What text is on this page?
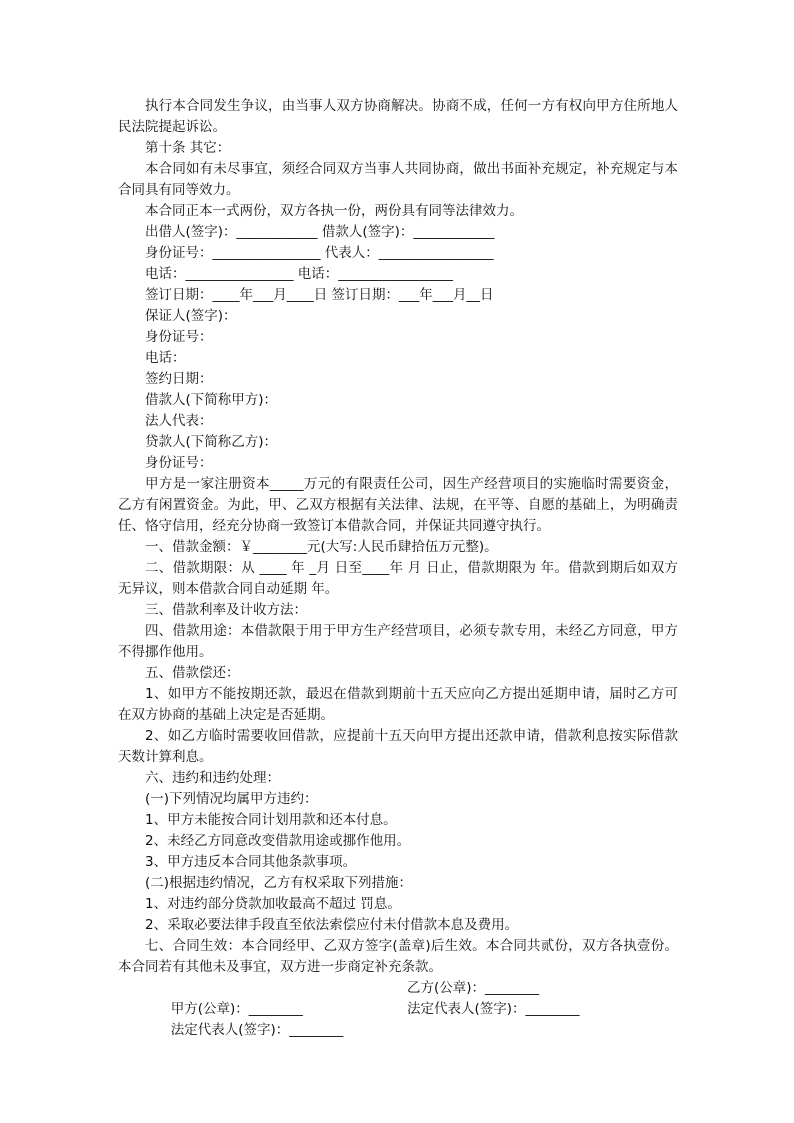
执行本合同发生争议，由当事人双方协商解决。协商不成，任何一方有权向甲方住所地人民法院提起诉讼。

第十条 其它：

本合同如有未尽事宜，须经合同双方当事人共同协商，做出书面补充规定，补充规定与本合同具有同等效力。

本合同正本一式两份，双方各执一份，两份具有同等法律效力。

出借人(签字)：____________ 借款人(签字)：____________
身份证号：________________ 代表人：_________________
电话：________________ 电话：_________________
签订日期：____年___月____日 签订日期：___年___月__日
保证人(签字)：
身份证号：
电话：
签约日期：
借款人(下简称甲方)：
法人代表：
贷款人(下简称乙方)：
身份证号：

甲方是一家注册资本_____万元的有限责任公司，因生产经营项目的实施临时需要资金，乙方有闲置资金。为此，甲、乙双方根据有关法律、法规，在平等、自愿的基础上，为明确责任、恪守信用，经充分协商一致签订本借款合同，并保证共同遵守执行。

一、借款金额：￥________元(大写:人民币肆拾伍万元整)。

二、借款期限：从 ____ 年 _月 日至____年 月 日止，借款期限为 年。借款到期后如双方无异议，则本借款合同自动延期 年。

三、借款利率及计收方法：

四、借款用途：本借款限于用于甲方生产经营项目，必须专款专用，未经乙方同意，甲方不得挪作他用。

五、借款偿还：

1、如甲方不能按期还款，最迟在借款到期前十五天应向乙方提出延期申请，届时乙方可在双方协商的基础上决定是否延期。

2、如乙方临时需要收回借款，应提前十五天向甲方提出还款申请，借款利息按实际借款天数计算利息。

六、违约和违约处理：

(一)下列情况均属甲方违约：

1、甲方未能按合同计划用款和还本付息。

2、未经乙方同意改变借款用途或挪作他用。

3、甲方违反本合同其他条款事项。

(二)根据违约情况，乙方有权采取下列措施：

1、对违约部分贷款加收最高不超过 罚息。

2、采取必要法律手段直至依法索偿应付未付借款本息及费用。

七、合同生效：本合同经甲、乙双方签字(盖章)后生效。本合同共贰份，双方各执壹份。本合同若有其他未及事宜，双方进一步商定补充条款。

甲方(公章)：________

乙方(公章)：________

法定代表人(签字)：________

法定代表人(签字)：________
